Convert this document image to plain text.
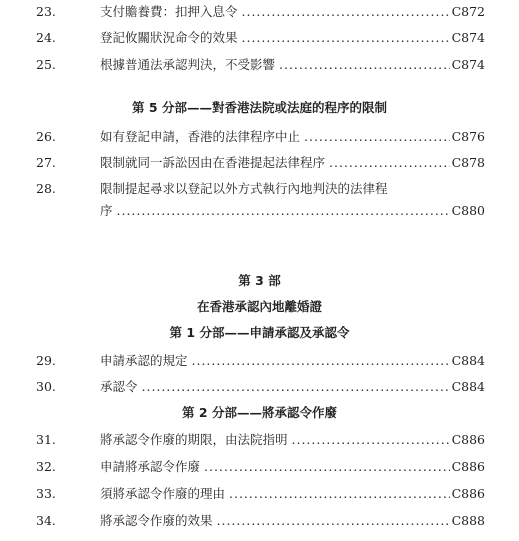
23.	支付贍養費：扣押入息令 .....	C872
24.	登記攸關狀況命令的效果 .....	C874
25.	根據普通法承認判決，不受影響 .....	C874
第 5 分部——對香港法院或法庭的程序的限制
26.	如有登記申請，香港的法律程序中止 .....	C876
27.	限制就同一訴訟因由在香港提起法律程序 .....	C878
28.	限制提起尋求以登記以外方式執行內地判決的法律程
序 .....	C880
第 3 部
在香港承認內地離婚證
第 1 分部——申請承認及承認令
29.	申請承認的規定 .....	C884
30.	承認令 .....	C884
第 2 分部——將承認令作廢
31.	將承認令作廢的期限，由法院指明 .....	C886
32.	申請將承認令作廢 .....	C886
33.	須將承認令作廢的理由 .....	C886
34.	將承認令作廢的效果 .....	C888
